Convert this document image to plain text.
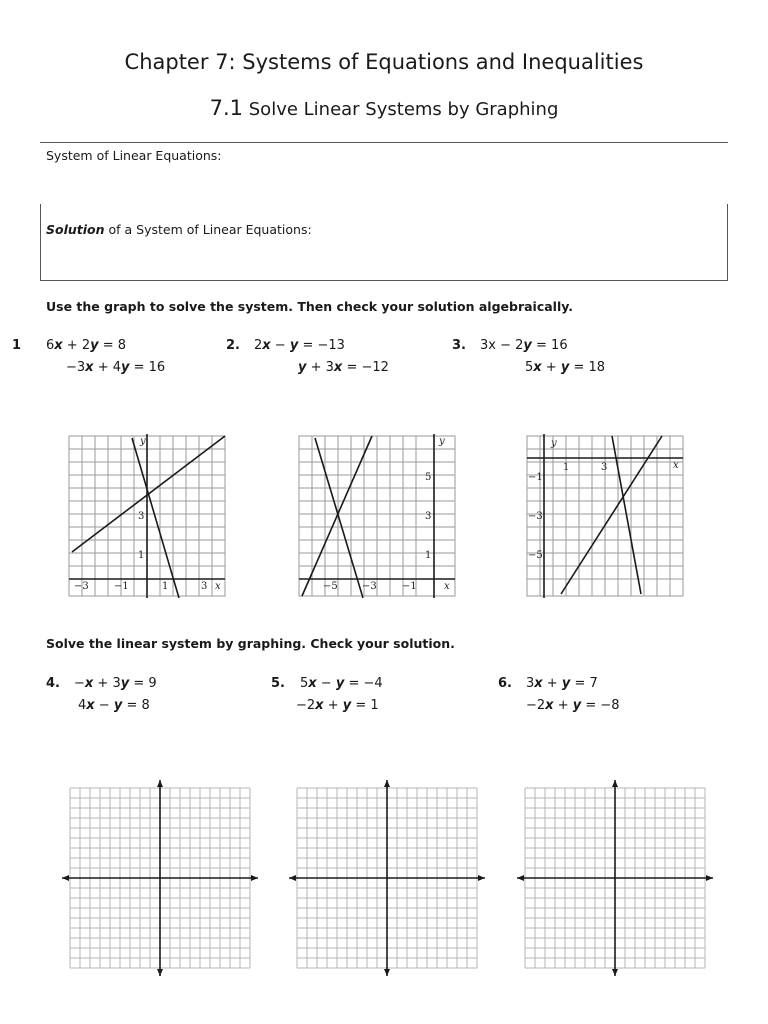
Chapter 7: Systems of Equations and Inequalities
7.1 Solve Linear Systems by Graphing
System of Linear Equations:
Solution of a System of Linear Equations:
Use the graph to solve the system. Then check your solution algebraically.
1 6x + 2y = 8
−3x + 4y = 16
2. 2x − y = −13
y + 3x = −12
3. 3x − 2y = 16
5x + y = 18
y
x
−3	−1	1	3
3
1
y
x
−5 −3	−1
5
3
1
y
x
1	3
−1
−3
−5
Solve the linear system by graphing. Check your solution.
4. −x + 3y = 9
4x − y = 8
5. 5x − y = −4
−2x + y = 1
6. 3x + y = 7
−2x + y = −8
